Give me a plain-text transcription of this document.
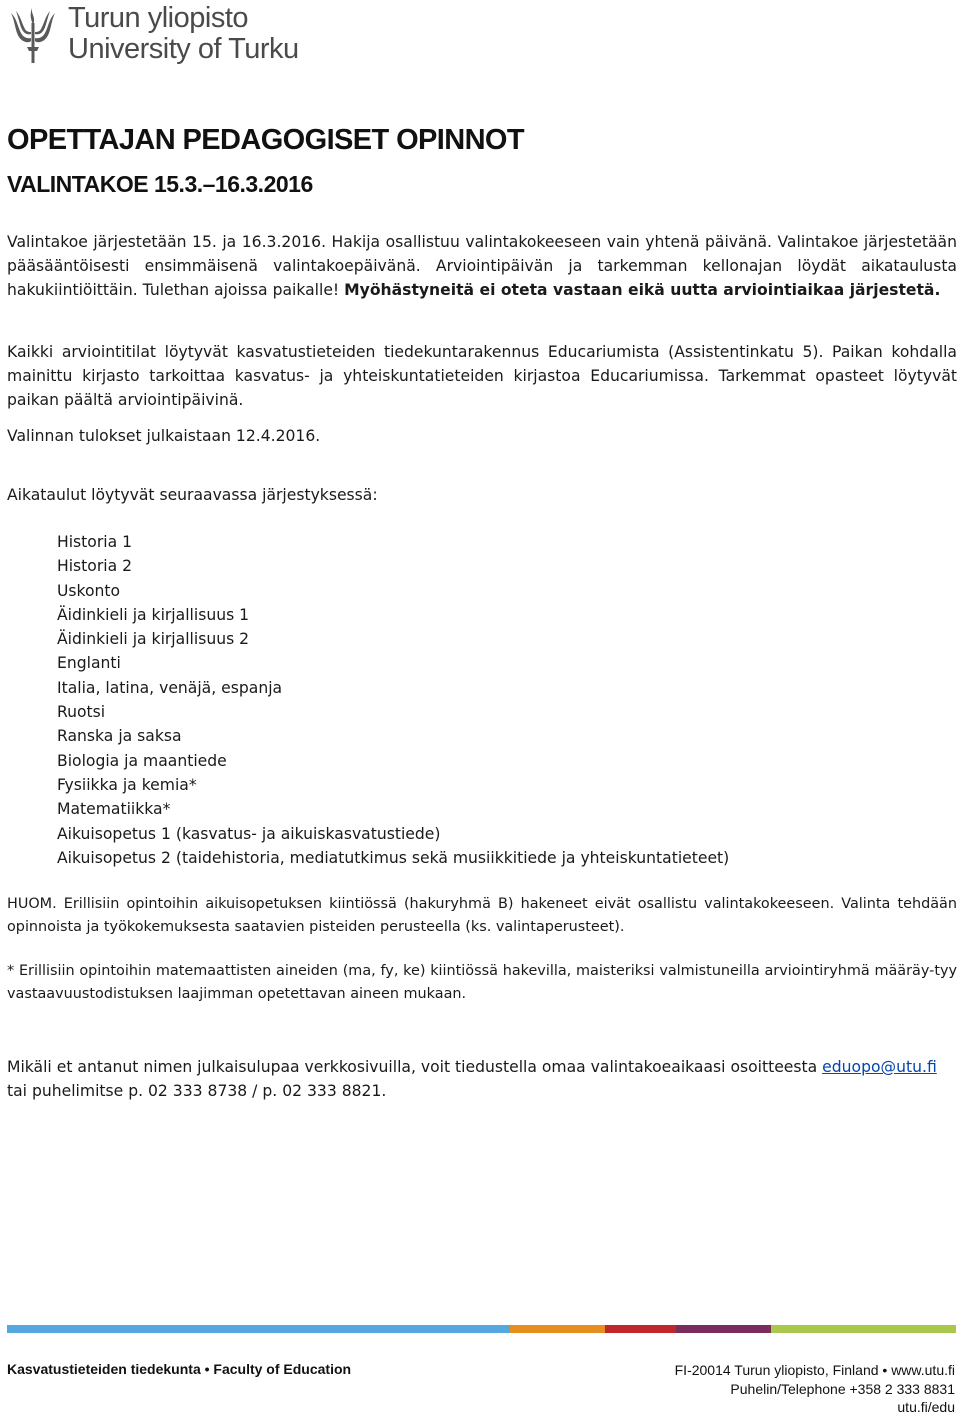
Turun yliopisto
University of Turku
OPETTAJAN PEDAGOGISET OPINNOT
VALINTAKOE 15.3.–16.3.2016

Valintakoe järjestetään 15. ja 16.3.2016. Hakija osallistuu valintakokeeseen vain yhtenä päivänä. Valintakoe järjestetään pääsääntöisesti ensimmäisenä valintakoepäivänä. Arviointipäivän ja tarkemman kellonajan löydät aikataulusta hakukiintiöittäin. Tulethan ajoissa paikalle! Myöhästyneitä ei oteta vastaan eikä uutta arviointiaikaa järjestetä.

Kaikki arviointitilat löytyvät kasvatustieteiden tiedekuntarakennus Educariumista (Assistentinkatu 5). Paikan kohdalla mainittu kirjasto tarkoittaa kasvatus- ja yhteiskuntatieteiden kirjastoa Educariumissa. Tarkemmat opasteet löytyvät paikan päältä arviointipäivinä.

Valinnan tulokset julkaistaan 12.4.2016.

Aikataulut löytyvät seuraavassa järjestyksessä:

Historia 1
Historia 2
Uskonto
Äidinkieli ja kirjallisuus 1
Äidinkieli ja kirjallisuus 2
Englanti
Italia, latina, venäjä, espanja
Ruotsi
Ranska ja saksa
Biologia ja maantiede
Fysiikka ja kemia*
Matematiikka*
Aikuisopetus 1 (kasvatus- ja aikuiskasvatustiede)
Aikuisopetus 2 (taidehistoria, mediatutkimus sekä musiikkitiede ja yhteiskuntatieteet)

HUOM. Erillisiin opintoihin aikuisopetuksen kiintiössä (hakuryhmä B) hakeneet eivät osallistu valintakokeeseen. Valinta tehdään opinnoista ja työkokemuksesta saatavien pisteiden perusteella (ks. valintaperusteet).

* Erillisiin opintoihin matemaattisten aineiden (ma, fy, ke) kiintiössä hakevilla, maisteriksi valmistuneilla arviointiryhmä määräy-tyy vastaavuustodistuksen laajimman opetettavan aineen mukaan.

Mikäli et antanut nimen julkaisulupaa verkkosivuilla, voit tiedustella omaa valintakoeaikaasi osoitteesta eduopo@utu.fi tai puhelimitse p. 02 333 8738 / p. 02 333 8821.

Kasvatustieteiden tiedekunta • Faculty of Education	FI-20014 Turun yliopisto, Finland • www.utu.fi
Puhelin/Telephone +358 2 333 8831
utu.fi/edu
